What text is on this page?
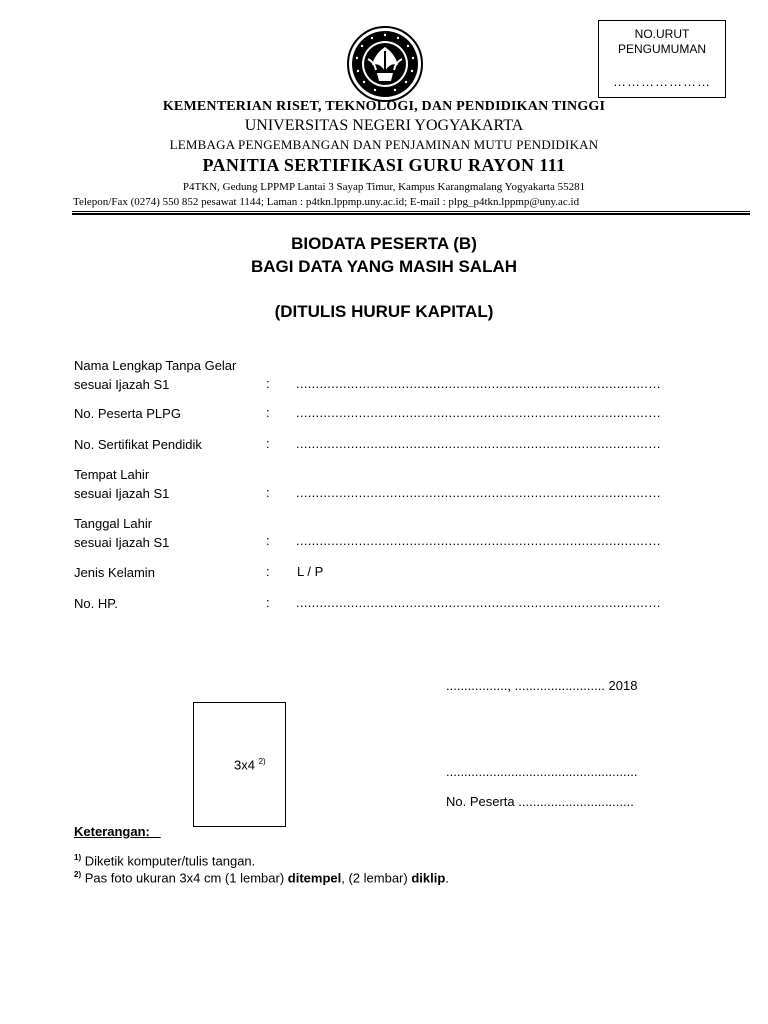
NO.URUT
PENGUMUMAN
…………………
KEMENTERIAN RISET, TEKNOLOGI, DAN PENDIDIKAN TINGGI
UNIVERSITAS NEGERI YOGYAKARTA
LEMBAGA PENGEMBANGAN DAN PENJAMINAN MUTU PENDIDIKAN
PANITIA SERTIFIKASI GURU RAYON 111
P4TKN, Gedung LPPMP Lantai 3 Sayap Timur, Kampus Karangmalang Yogyakarta 55281
Telepon/Fax (0274) 550 852 pesawat 1144; Laman : p4tkn.lppmp.uny.ac.id; E-mail : plpg_p4tkn.lppmp@uny.ac.id
BIODATA PESERTA (B)
BAGI DATA YANG MASIH SALAH
(DITULIS HURUF KAPITAL)
Nama Lengkap Tanpa Gelar
sesuai Ijazah S1	: ..........................................................................................…
No. Peserta PLPG	: ..........................................................................................…
No. Sertifikat Pendidik	: ..........................................................................................…
Tempat Lahir
sesuai Ijazah S1	: ..........................................................................................…
Tanggal Lahir
sesuai Ijazah S1	: ..........................................................................................…
Jenis Kelamin	: L / P
No. HP.	: ..........................................................................................…
................., ......................... 2018
.....................................................
No. Peserta ................................
3x4 $^{2)}$
Keterangan:
$^{1)}$ Diketik komputer/tulis tangan.
$^{2)}$ Pas foto ukuran 3x4 cm (1 lembar) ditempel, (2 lembar) diklip.
